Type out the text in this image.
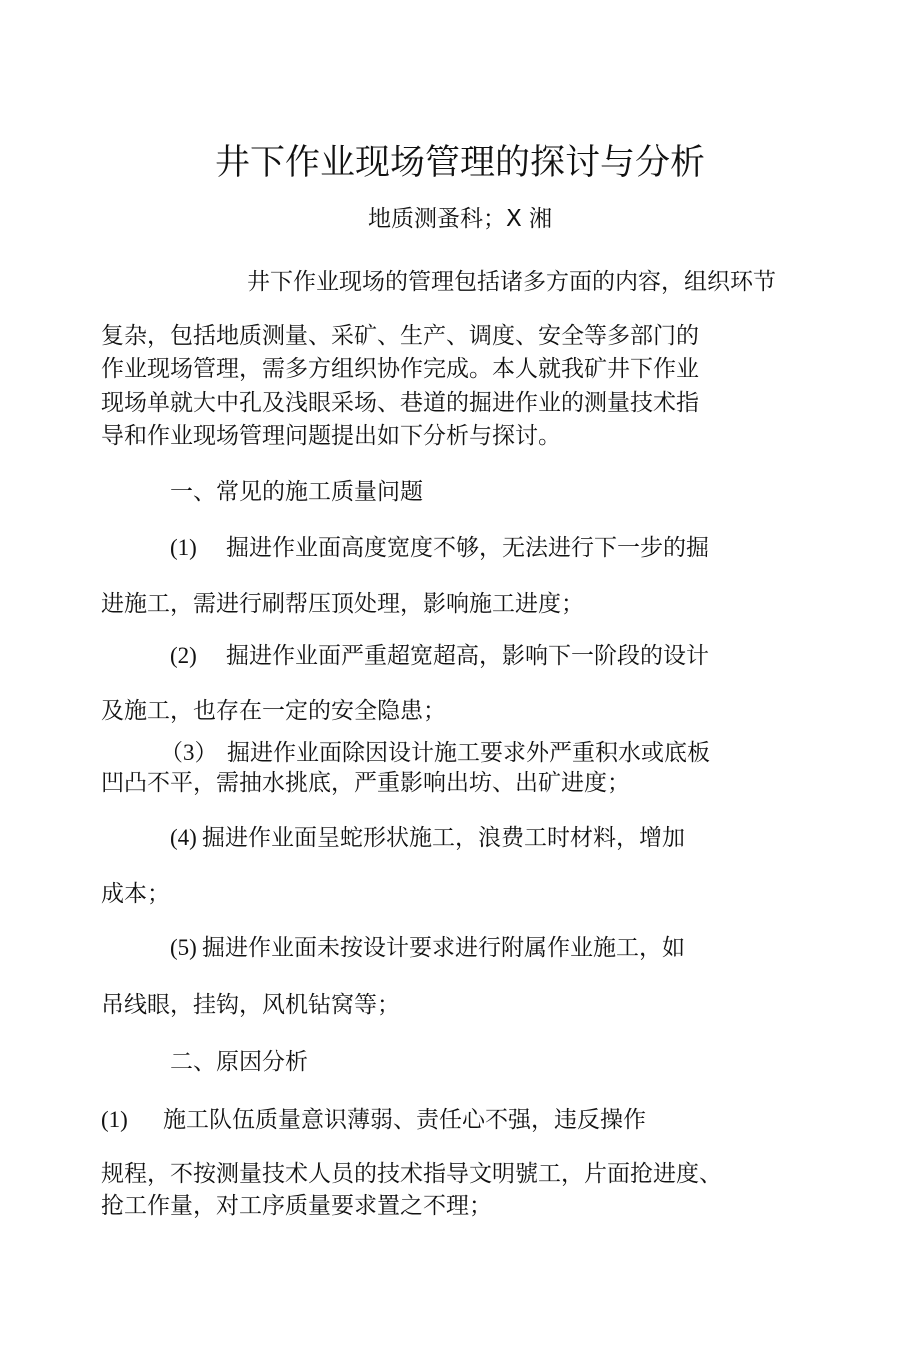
井下作业现场管理的探讨与分析
地质测蚤科；X 湘
井下作业现场的管理包括诸多方面的内容，组织环节
复杂，包括地质测量、采矿、生产、调度、安全等多部门的
作业现场管理，需多方组织协作完成。本人就我矿井下作业
现场单就大中孔及浅眼采场、巷道的掘进作业的测量技术指
导和作业现场管理问题提出如下分析与探讨。
一、常见的施工质量问题
(1) 掘进作业面高度宽度不够，无法进行下一步的掘
进施工，需进行刷帮压顶处理，影响施工进度；
(2) 掘进作业面严重超宽超高，影响下一阶段的设计
及施工，也存在一定的安全隐患；
（3） 掘进作业面除因设计施工要求外严重积水或底板
凹凸不平，需抽水挑底，严重影响出坊、出矿进度；
(4) 掘进作业面呈蛇形状施工，浪费工时材料，增加
成本；
(5) 掘进作业面未按设计要求进行附属作业施工，如
吊线眼，挂钩，风机钻窝等；
二、原因分析
(1) 施工队伍质量意识薄弱、责任心不强，违反操作
规程，不按测量技术人员的技术指导文明號工，片面抢进度、
抢工作量，对工序质量要求置之不理；
